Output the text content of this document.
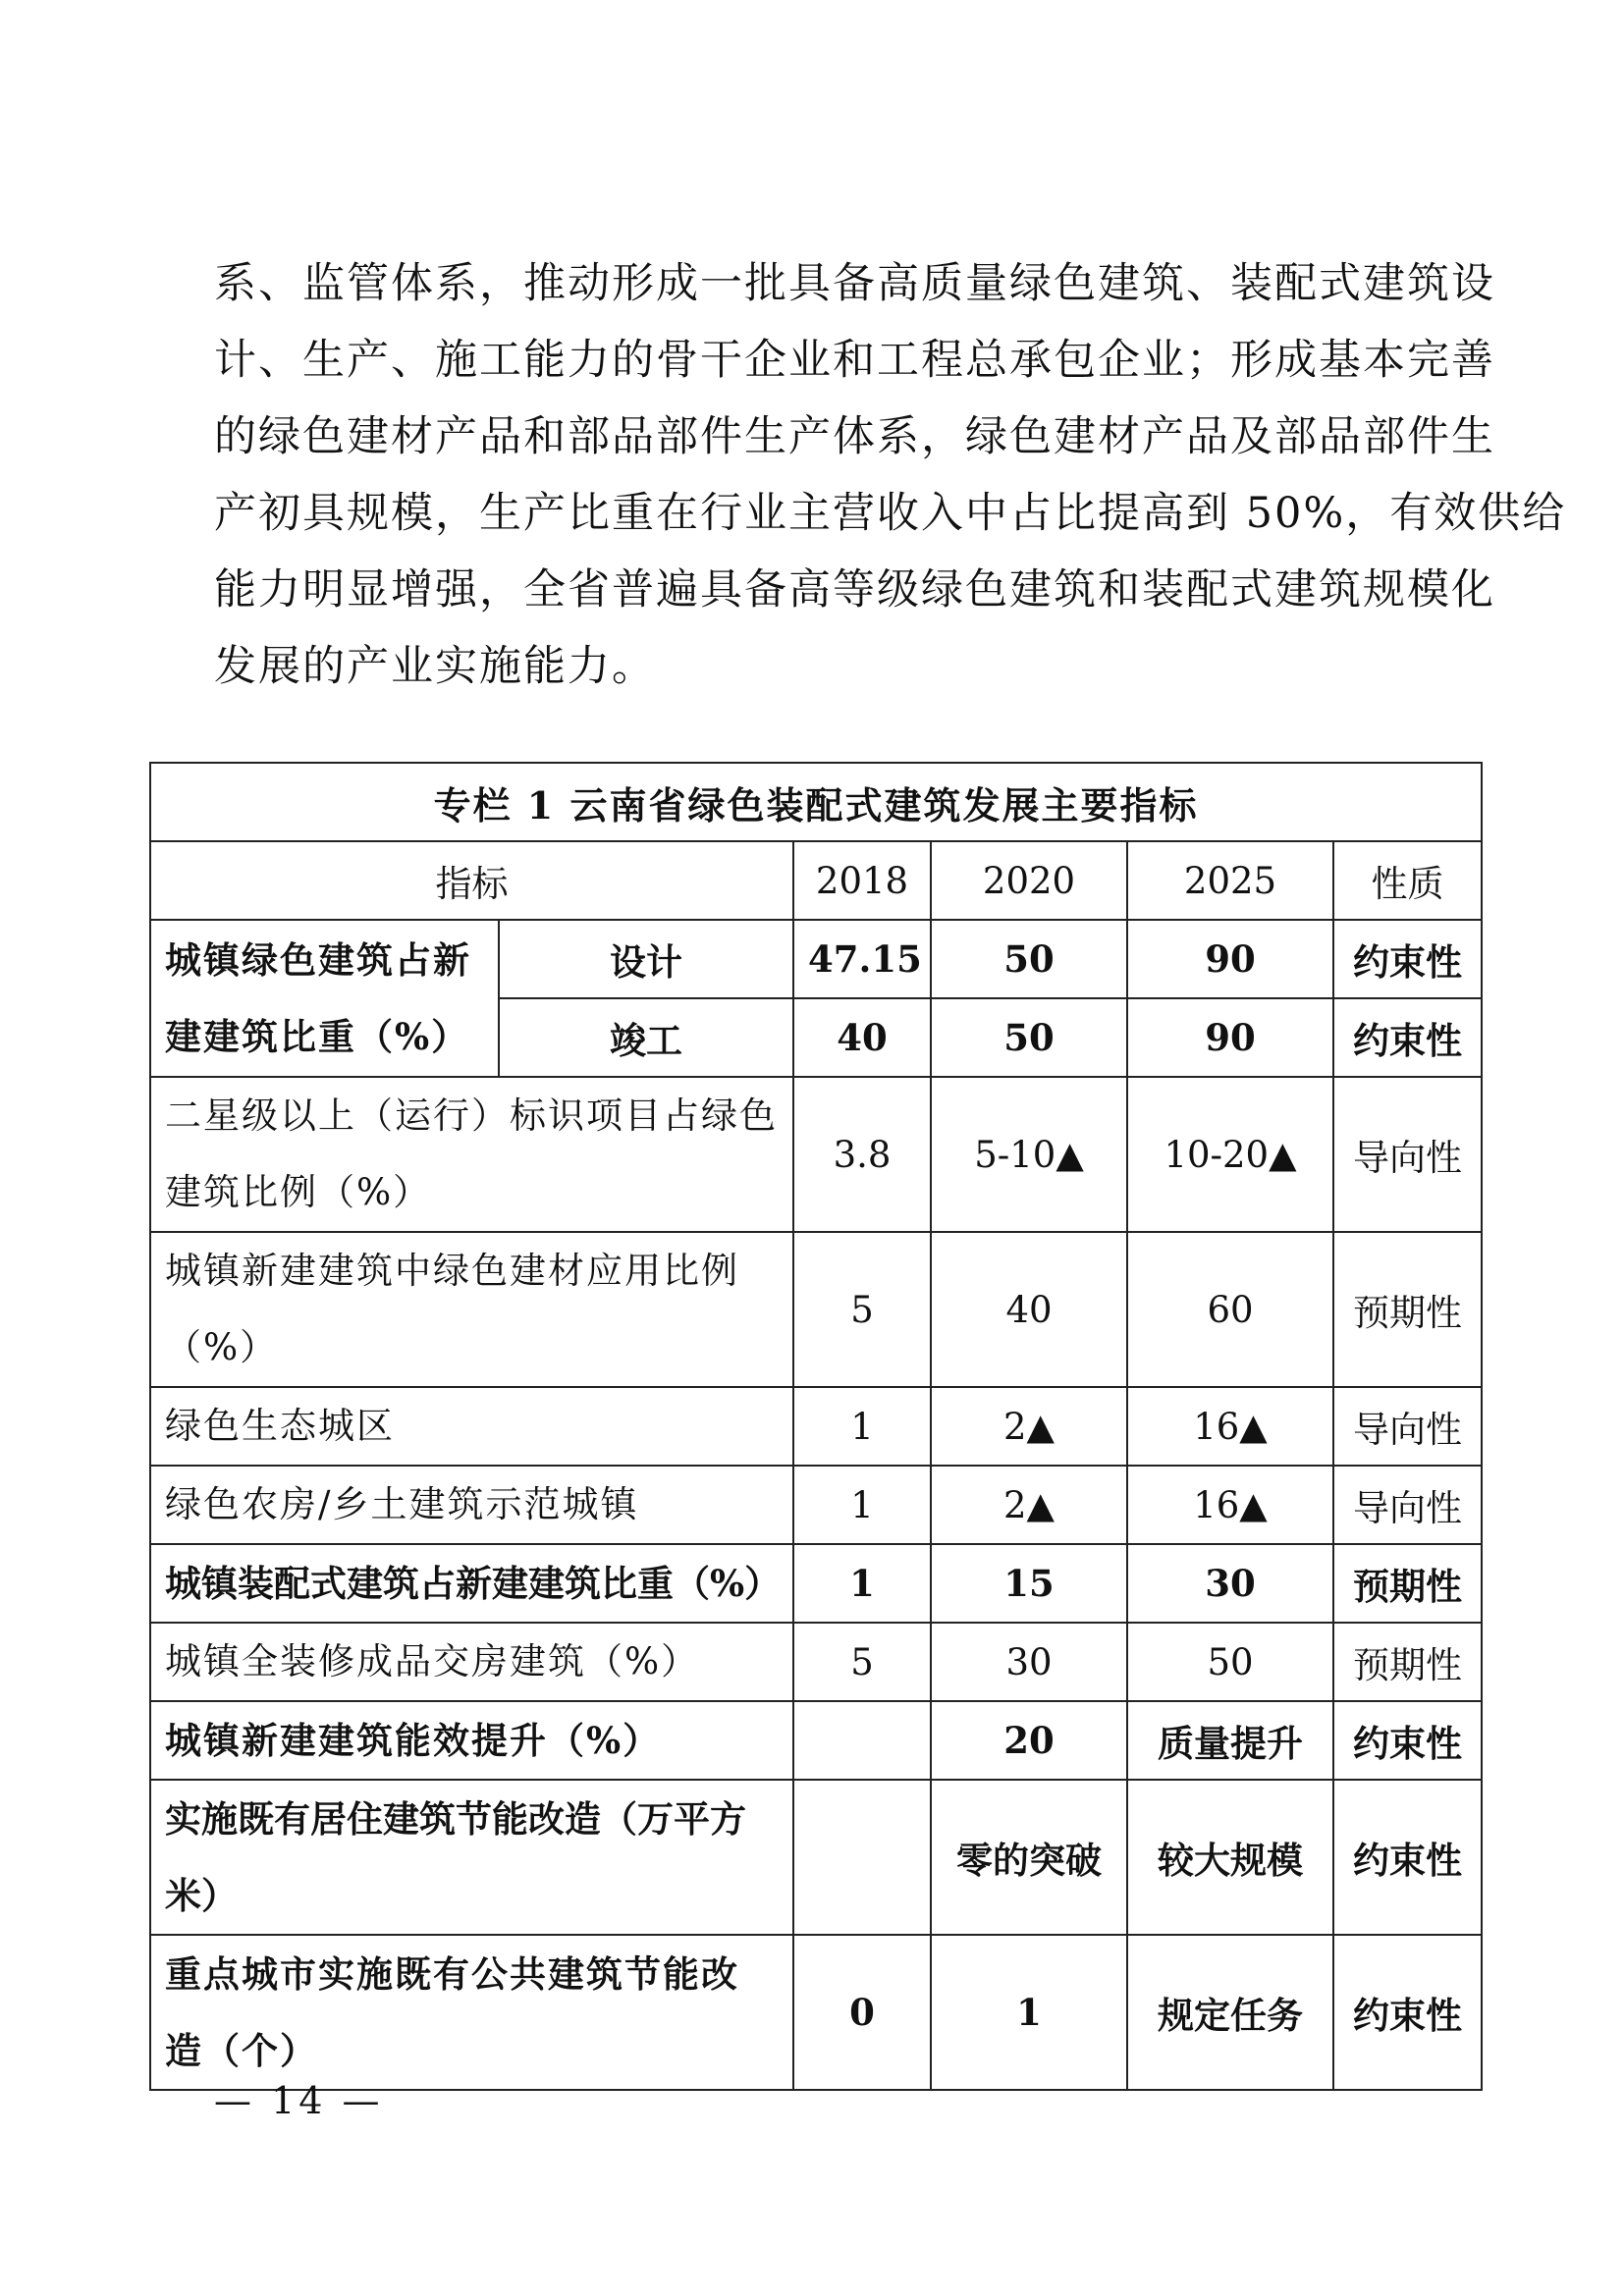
系、监管体系，推动形成一批具备高质量绿色建筑、装配式建筑设
计、生产、施工能力的骨干企业和工程总承包企业；形成基本完善
的绿色建材产品和部品部件生产体系，绿色建材产品及部品部件生
产初具规模，生产比重在行业主营收入中占比提高到 50%，有效供给
能力明显增强，全省普遍具备高等级绿色建筑和装配式建筑规模化
发展的产业实施能力。
专栏 1 云南省绿色装配式建筑发展主要指标					
指标		2018	2020	2025	性质
城镇绿色建筑占新
建建筑比重（%）	设计	47.15	50	90	约束性
	竣工	40	50	90	约束性
二星级以上（运行）标识项目占绿色
建筑比例（%）		3.8	5-10▲	10-20▲	导向性
城镇新建建筑中绿色建材应用比例
（%）		5	40	60	预期性
绿色生态城区		1	2▲	16▲	导向性
绿色农房/乡土建筑示范城镇		1	2▲	16▲	导向性
城镇装配式建筑占新建建筑比重（%）		1	15	30	预期性
城镇全装修成品交房建筑（%）		5	30	50	预期性
城镇新建建筑能效提升（%）			20	质量提升	约束性
实施既有居住建筑节能改造（万平方米）			零的突破	较大规模	约束性
重点城市实施既有公共建筑节能改
造（个）		0	1	规定任务	约束性
— 14 —
